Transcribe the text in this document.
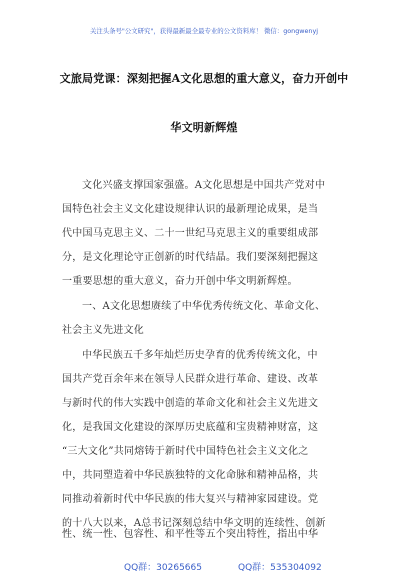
关注头条号"公文研究"，获得最新最全最专业的公文资料库！ 微信：gongwenyj
文旅局党课：深刻把握A文化思想的重大意义，奋力开创中
华文明新辉煌
文化兴盛支撑国家强盛。A文化思想是中国共产党对中
国特色社会主义文化建设规律认识的最新理论成果，是当
代中国马克思主义、二十一世纪马克思主义的重要组成部
分，是文化理论守正创新的时代结晶。我们要深刻把握这
一重要思想的重大意义，奋力开创中华文明新辉煌。
一、A文化思想赓续了中华优秀传统文化、革命文化、
社会主义先进文化
中华民族五千多年灿烂历史孕育的优秀传统文化，中
国共产党百余年来在领导人民群众进行革命、建设、改革
与新时代的伟大实践中创造的革命文化和社会主义先进文
化，是我国文化建设的深厚历史底蕴和宝贵精神财富，这
“三大文化”共同熔铸于新时代中国特色社会主义文化之
中，共同塑造着中华民族独特的文化命脉和精神品格，共
同推动着新时代中华民族的伟大复兴与精神家园建设。党
的十八大以来，A总书记深刻总结中华文明的连续性、创新
性、统一性、包容性、和平性等五个突出特性，指出中华
QQ群：30265665	QQ群：535304092
